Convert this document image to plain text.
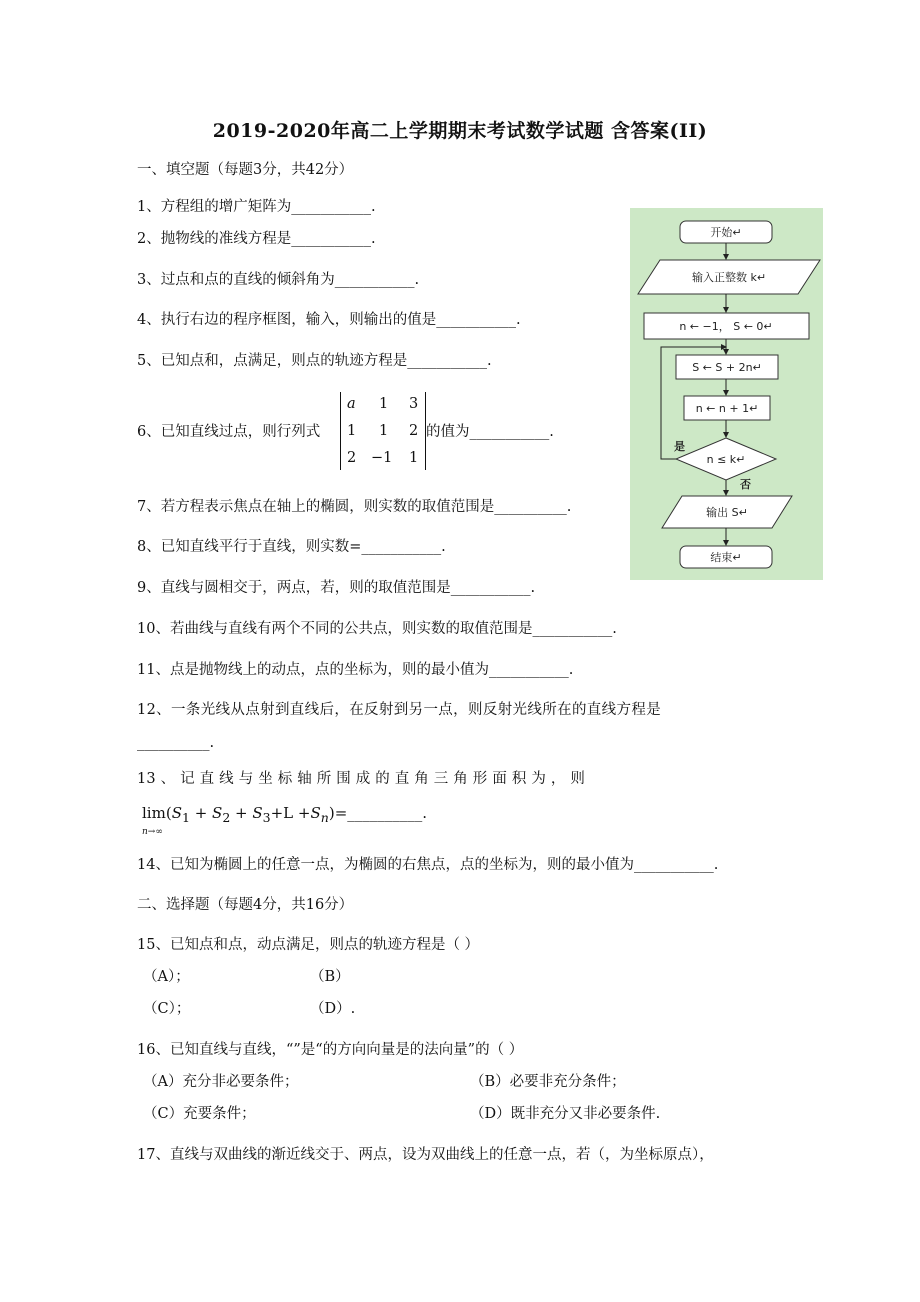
2019-2020年高二上学期期末考试数学试题 含答案(II)
一、填空题（每题3分，共42分）
1、方程组的增广矩阵为___________.
2、抛物线的准线方程是___________.
3、过点和点的直线的倾斜角为___________.
4、执行右边的程序框图，输入，则输出的值是___________.
5、已知点和，点满足，则点的轨迹方程是___________.
6、已知直线过点，则行列式
a 1 3
1 1 2
2 −1 1
的值为___________.
7、若方程表示焦点在轴上的椭圆，则实数的取值范围是__________.
8、已知直线平行于直线，则实数=___________.
9、直线与圆相交于，两点，若，则的取值范围是___________.
10、若曲线与直线有两个不同的公共点，则实数的取值范围是___________.
11、点是抛物线上的动点，点的坐标为，则的最小值为___________.
12、一条光线从点射到直线后，在反射到另一点，则反射光线所在的直线方程是
__________.
13 、 记 直 线 与 坐 标 轴 所 围 成 的 直 角 三 角 形 面 积 为 ， 则
$\lim(S_1 + S_2 + S_3+L$ $+S_n)=\_\_\_\_\_\_\_\_\_\_$.
n→∞
14、已知为椭圆上的任意一点，为椭圆的右焦点，点的坐标为，则的最小值为___________.
二、选择题（每题4分，共16分）
15、已知点和点，动点满足，则点的轨迹方程是（ ）
（A）；	（B）
（C）；	（D）.
16、已知直线与直线，“”是“的方向向量是的法向量”的（ ）
（A）充分非必要条件；	（B）必要非充分条件；
（C）充要条件；	（D）既非充分又非必要条件.
17、直线与双曲线的渐近线交于、两点，设为双曲线上的任意一点，若（，为坐标原点），
开始↵
输入正整数 k↵
n ← −1， S ← 0↵
S ← S + 2n↵
n ← n + 1↵
n ≤ k↵
是
否
输出 S↵
结束↵
